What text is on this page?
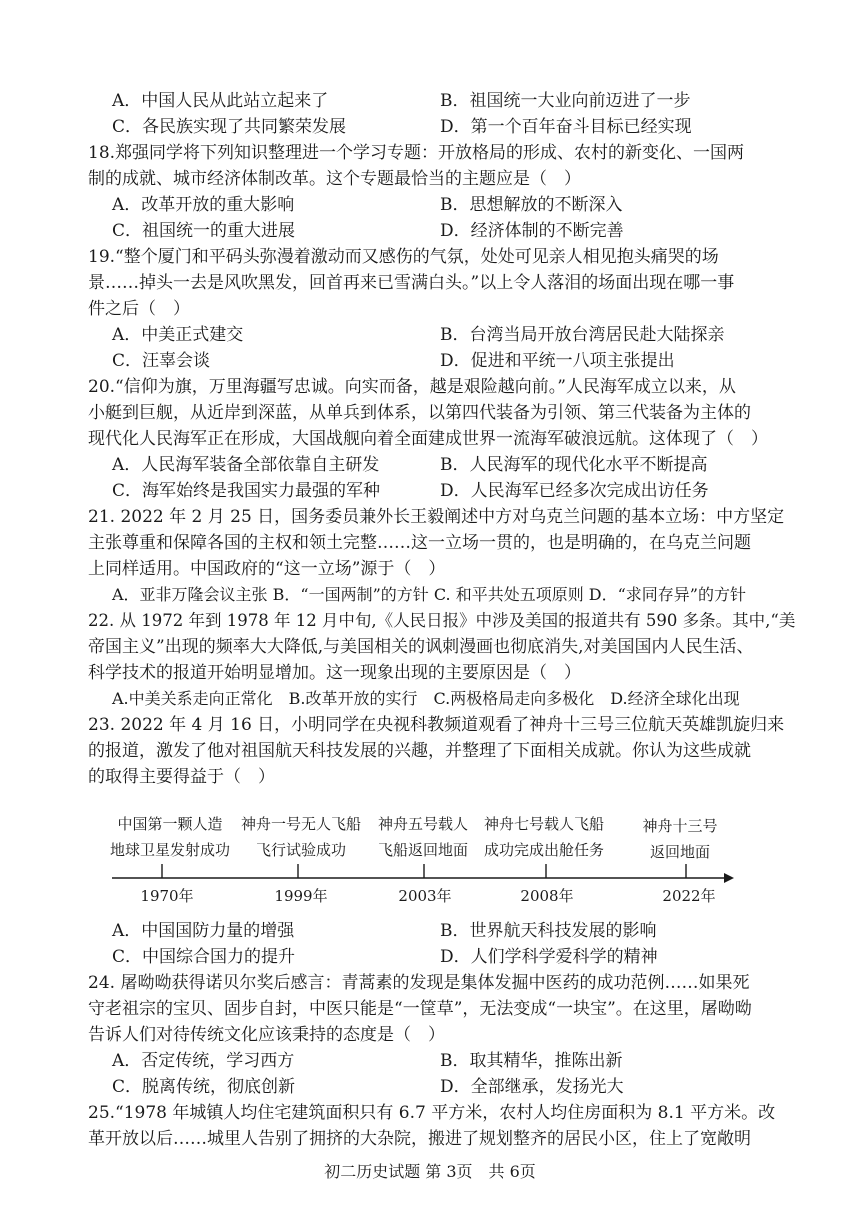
A．中国人民从此站立起来了	B．祖国统一大业向前迈进了一步
C．各民族实现了共同繁荣发展	D．第一个百年奋斗目标已经实现
18.郑强同学将下列知识整理进一个学习专题：开放格局的形成、农村的新变化、一国两
制的成就、城市经济体制改革。这个专题最恰当的主题应是（　）
A．改革开放的重大影响	B．思想解放的不断深入
C．祖国统一的重大进展	D．经济体制的不断完善
19.“整个厦门和平码头弥漫着激动而又感伤的气氛，处处可见亲人相见抱头痛哭的场
景……掉头一去是风吹黑发，回首再来已雪满白头。”以上令人落泪的场面出现在哪一事
件之后（　）
A．中美正式建交	B．台湾当局开放台湾居民赴大陆探亲
C．汪辜会谈	D．促进和平统一八项主张提出
20.“信仰为旗，万里海疆写忠诚。向实而备，越是艰险越向前。”人民海军成立以来，从
小艇到巨舰，从近岸到深蓝，从单兵到体系，以第四代装备为引领、第三代装备为主体的
现代化人民海军正在形成，大国战舰向着全面建成世界一流海军破浪远航。这体现了（　）
A．人民海军装备全部依靠自主研发	B．人民海军的现代化水平不断提高
C．海军始终是我国实力最强的军种	D．人民海军已经多次完成出访任务
21. 2022 年 2 月 25 日，国务委员兼外长王毅阐述中方对乌克兰问题的基本立场：中方坚定
主张尊重和保障各国的主权和领土完整……这一立场一贯的，也是明确的，在乌克兰问题
上同样适用。中国政府的“这一立场”源于（　）
A．亚非万隆会议主张 B．“一国两制”的方针 C. 和平共处五项原则 D．“求同存异”的方针
22. 从 1972 年到 1978 年 12 月中旬,《人民日报》中涉及美国的报道共有 590 多条。其中,“美
帝国主义”出现的频率大大降低,与美国相关的讽刺漫画也彻底消失,对美国国内人民生活、
科学技术的报道开始明显增加。这一现象出现的主要原因是（　）
A.中美关系走向正常化　B.改革开放的实行　C.两极格局走向多极化　D.经济全球化出现
23. 2022 年 4 月 16 日，小明同学在央视科教频道观看了神舟十三号三位航天英雄凯旋归来
的报道，激发了他对祖国航天科技发展的兴趣，并整理了下面相关成就。你认为这些成就
的取得主要得益于（　）
中国第一颗人造
地球卫星发射成功
神舟一号无人飞船
飞行试验成功
神舟五号载人
飞船返回地面
神舟七号载人飞船
成功完成出舱任务
神舟十三号
返回地面
1970年	1999年	2003年	2008年	2022年
A．中国国防力量的增强	B．世界航天科技发展的影响
C．中国综合国力的提升	D．人们学科学爱科学的精神
24. 屠呦呦获得诺贝尔奖后感言：青蒿素的发现是集体发掘中医药的成功范例……如果死
守老祖宗的宝贝、固步自封，中医只能是“一筐草”，无法变成“一块宝”。在这里，屠呦呦
告诉人们对待传统文化应该秉持的态度是（　）
A．否定传统，学习西方	B．取其精华，推陈出新
C．脱离传统，彻底创新	D．全部继承，发扬光大
25.“1978 年城镇人均住宅建筑面积只有 6.7 平方米，农村人均住房面积为 8.1 平方米。改
革开放以后……城里人告别了拥挤的大杂院，搬进了规划整齐的居民小区，住上了宽敞明
初二历史试题 第 3页　共 6页
